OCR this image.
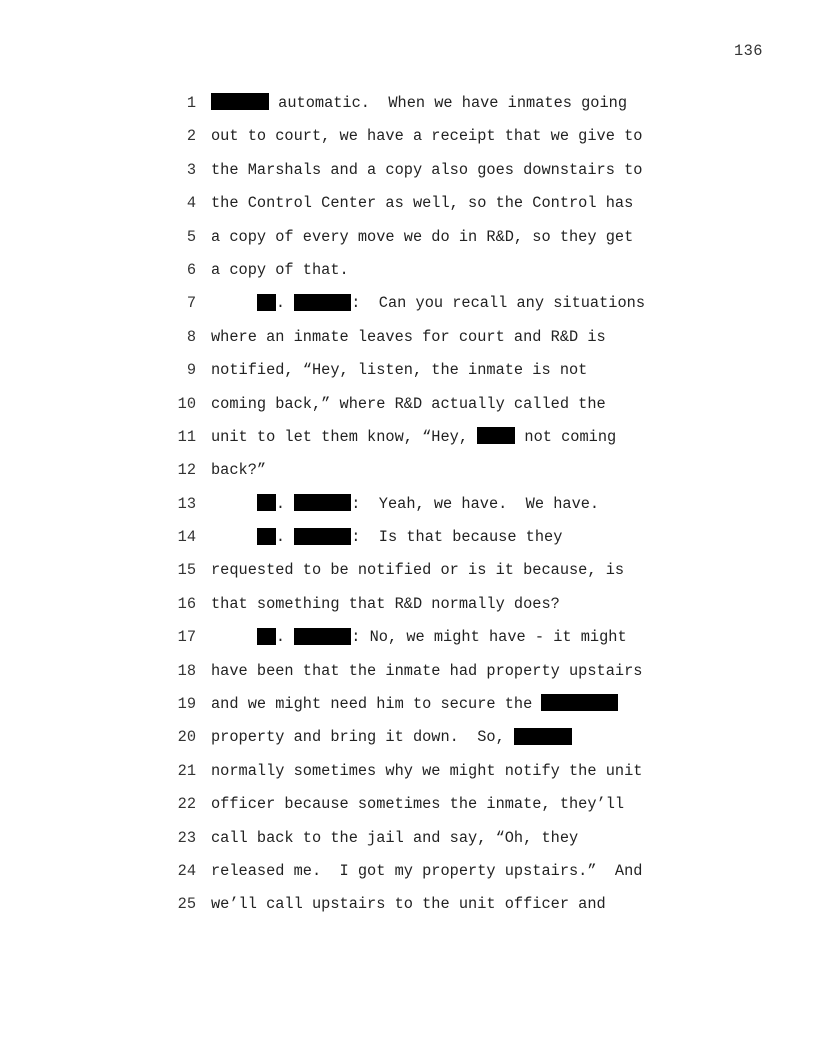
136
1	automatic.  When we have inmates going
2 out to court, we have a receipt that we give to
3 the Marshals and a copy also goes downstairs to
4 the Control Center as well, so the Control has
5 a copy of every move we do in R&D, so they get
6 a copy of that.
7	.	:  Can you recall any situations
8 where an inmate leaves for court and R&D is
9 notified, “Hey, listen, the inmate is not
10 coming back,” where R&D actually called the
11 unit to let them know, “Hey,  not coming
12 back?”
13	.	:  Yeah, we have.  We have.
14	.	:  Is that because they
15 requested to be notified or is it because, is
16 that something that R&D normally does?
17	.	: No, we might have - it might
18 have been that the inmate had property upstairs
19 and we might need him to secure the
20 property and bring it down.  So,
21 normally sometimes why we might notify the unit
22 officer because sometimes the inmate, they’ll
23 call back to the jail and say, “Oh, they
24 released me.  I got my property upstairs.”  And
25 we’ll call upstairs to the unit officer and
